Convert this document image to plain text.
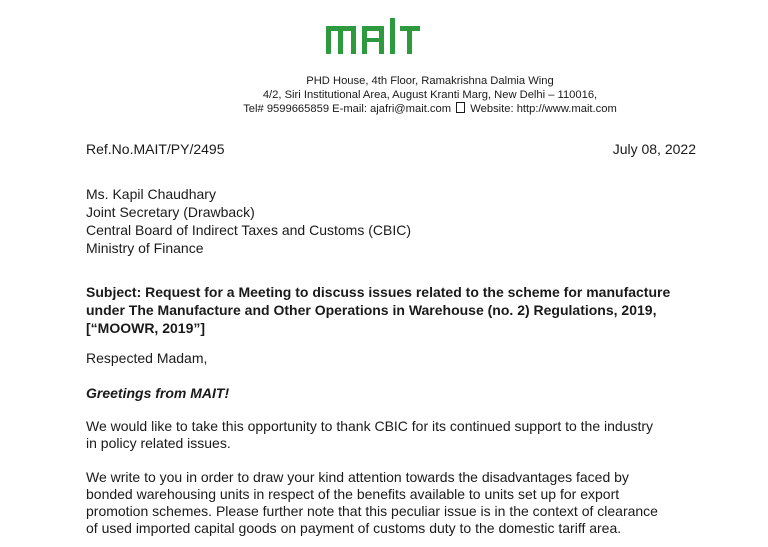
PHD House, 4th Floor, Ramakrishna Dalmia Wing
4/2, Siri Institutional Area, August Kranti Marg, New Delhi – 110016,
Tel# 9599665859 E-mail: ajafri@mait.com Website: http://www.mait.com
Ref.No.MAIT/PY/2495	July 08, 2022
Ms. Kapil Chaudhary
Joint Secretary (Drawback)
Central Board of Indirect Taxes and Customs (CBIC)
Ministry of Finance
Subject: Request for a Meeting to discuss issues related to the scheme for manufacture
under The Manufacture and Other Operations in Warehouse (no. 2) Regulations, 2019,
[“MOOWR, 2019”]
Respected Madam,
Greetings from MAIT!
We would like to take this opportunity to thank CBIC for its continued support to the industry
in policy related issues.
We write to you in order to draw your kind attention towards the disadvantages faced by
bonded warehousing units in respect of the benefits available to units set up for export
promotion schemes. Please further note that this peculiar issue is in the context of clearance
of used imported capital goods on payment of customs duty to the domestic tariff area.
